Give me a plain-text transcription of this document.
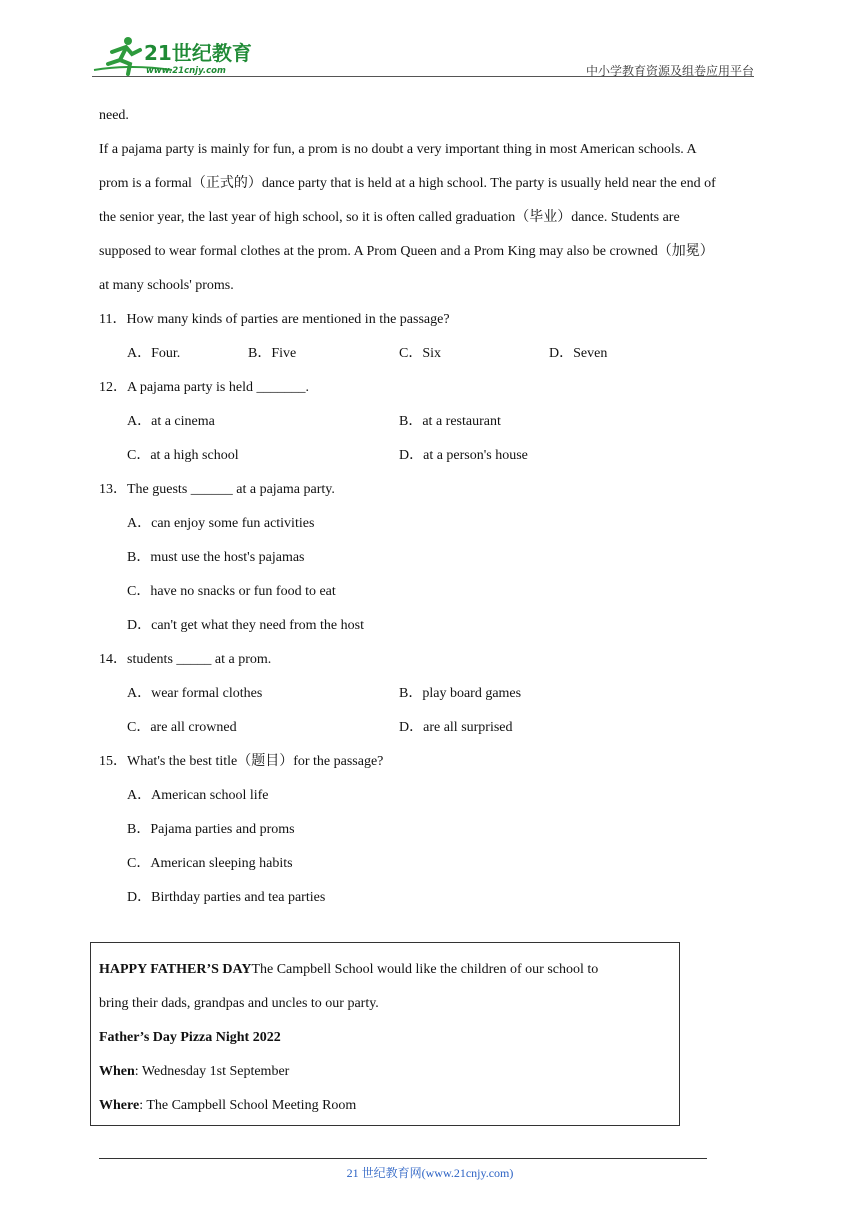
21世纪教育
www.21cnjy.com	中小学教育资源及组卷应用平台
need.
If a pajama party is mainly for fun, a prom is no doubt a very important thing in most American schools. A
prom is a formal（正式的）dance party that is held at a high school. The party is usually held near the end of
the senior year, the last year of high school, so it is often called graduation（毕业）dance. Students are
supposed to wear formal clothes at the prom. A Prom Queen and a Prom King may also be crowned（加冕）
at many schools' proms.
11．How many kinds of parties are mentioned in the passage?
A．Four.	B．Five	C．Six	D．Seven
12．A pajama party is held _______.
A．at a cinema	B．at a restaurant
C．at a high school	D．at a person's house
13．The guests ______ at a pajama party.
A．can enjoy some fun activities
B．must use the host's pajamas
C．have no snacks or fun food to eat
D．can't get what they need from the host
14．students _____ at a prom.
A．wear formal clothes	B．play board games
C．are all crowned	D．are all surprised
15．What's the best title（题目）for the passage?
A．American school life
B．Pajama parties and proms
C．American sleeping habits
D．Birthday parties and tea parties
HAPPY FATHER’S DAYThe Campbell School would like the children of our school to
bring their dads, grandpas and uncles to our party.
Father’s Day Pizza Night 2022
When: Wednesday 1st September
Where: The Campbell School Meeting Room
21 世纪教育网(www.21cnjy.com)
